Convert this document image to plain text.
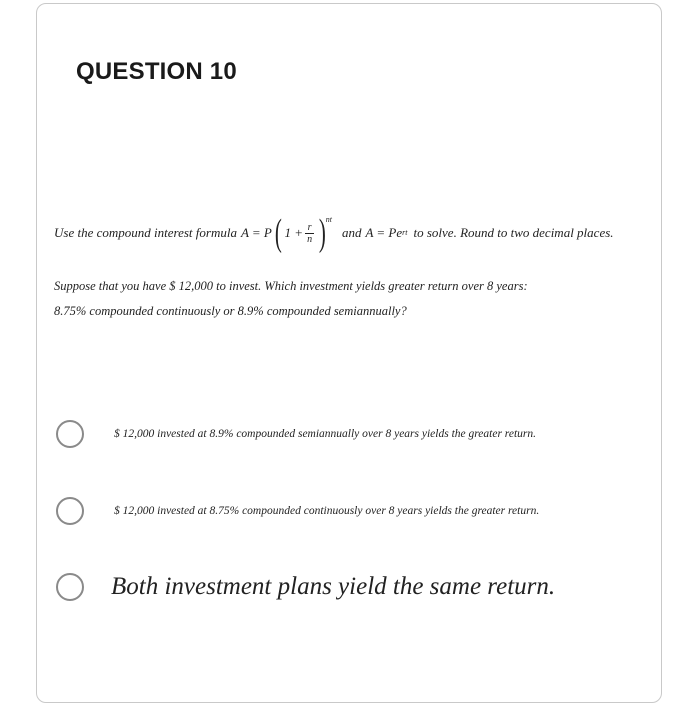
QUESTION 10
Use the compound interest formula A = P ( $1 + \frac{r}{n}$ ) nt
and A = Pe rt to solve. Round to two decimal places.
Suppose that you have $ 12,000 to invest. Which investment yields greater return over 8 years:
8.75% compounded continuously or 8.9% compounded semiannually?
$ 12,000 invested at 8.9% compounded semiannually over 8 years yields the greater return.
$ 12,000 invested at 8.75% compounded continuously over 8 years yields the greater return.
Both investment plans yield the same return.
